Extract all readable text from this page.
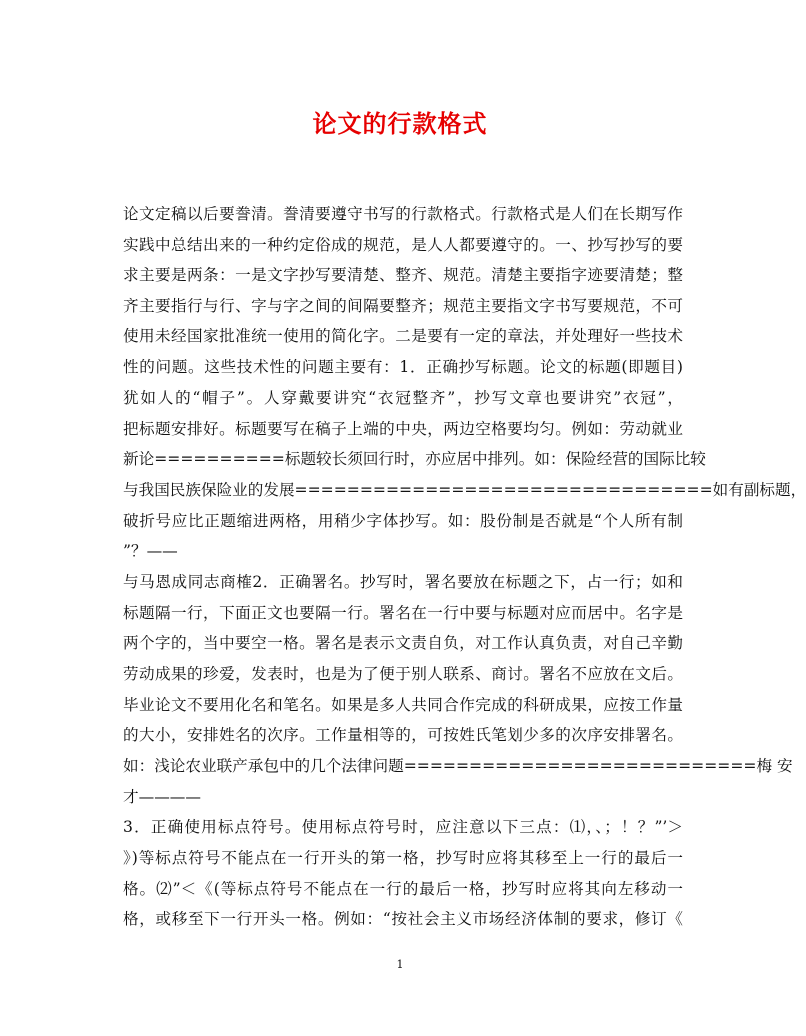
论文的行款格式
论文定稿以后要誊清。誊清要遵守书写的行款格式。行款格式是人们在长期写作
实践中总结出来的一种约定俗成的规范，是人人都要遵守的。一、抄写抄写的要
求主要是两条：一是文字抄写要清楚、整齐、规范。清楚主要指字迹要清楚；整
齐主要指行与行、字与字之间的间隔要整齐；规范主要指文字书写要规范，不可
使用未经国家批准统一使用的简化字。二是要有一定的章法，并处理好一些技术
性的问题。这些技术性的问题主要有：1．正确抄写标题。论文的标题(即题目)
犹如人的“帽子”。人穿戴要讲究“衣冠整齐”，抄写文章也要讲究”衣冠”，
把标题安排好。标题要写在稿子上端的中央，两边空格要均匀。例如：劳动就业
新论==========标题较长须回行时，亦应居中排列。如：保险经营的国际比较
与我国民族保险业的发展================================如有副标题，
破折号应比正题缩进两格，用稍少字体抄写。如：股份制是否就是“个人所有制
”？——
与马恩成同志商榷2．正确署名。抄写时，署名要放在标题之下，占一行；如和
标题隔一行，下面正文也要隔一行。署名在一行中要与标题对应而居中。名字是
两个字的，当中要空一格。署名是表示文责自负，对工作认真负责，对自己辛勤
劳动成果的珍爱，发表时，也是为了便于别人联系、商讨。署名不应放在文后。
毕业论文不要用化名和笔名。如果是多人共同合作完成的科研成果，应按工作量
的大小，安排姓名的次序。工作量相等的，可按姓氏笔划少多的次序安排署名。
如：浅论农业联产承包中的几个法律问题===========================梅 安
才————
3．正确使用标点符号。使用标点符号时，应注意以下三点：⑴，、；！？”’＞
》)等标点符号不能点在一行开头的第一格，抄写时应将其移至上一行的最后一
格。⑵”＜《(等标点符号不能点在一行的最后一格，抄写时应将其向左移动一
格，或移至下一行开头一格。例如：“按社会主义市场经济体制的要求，修订《
1
